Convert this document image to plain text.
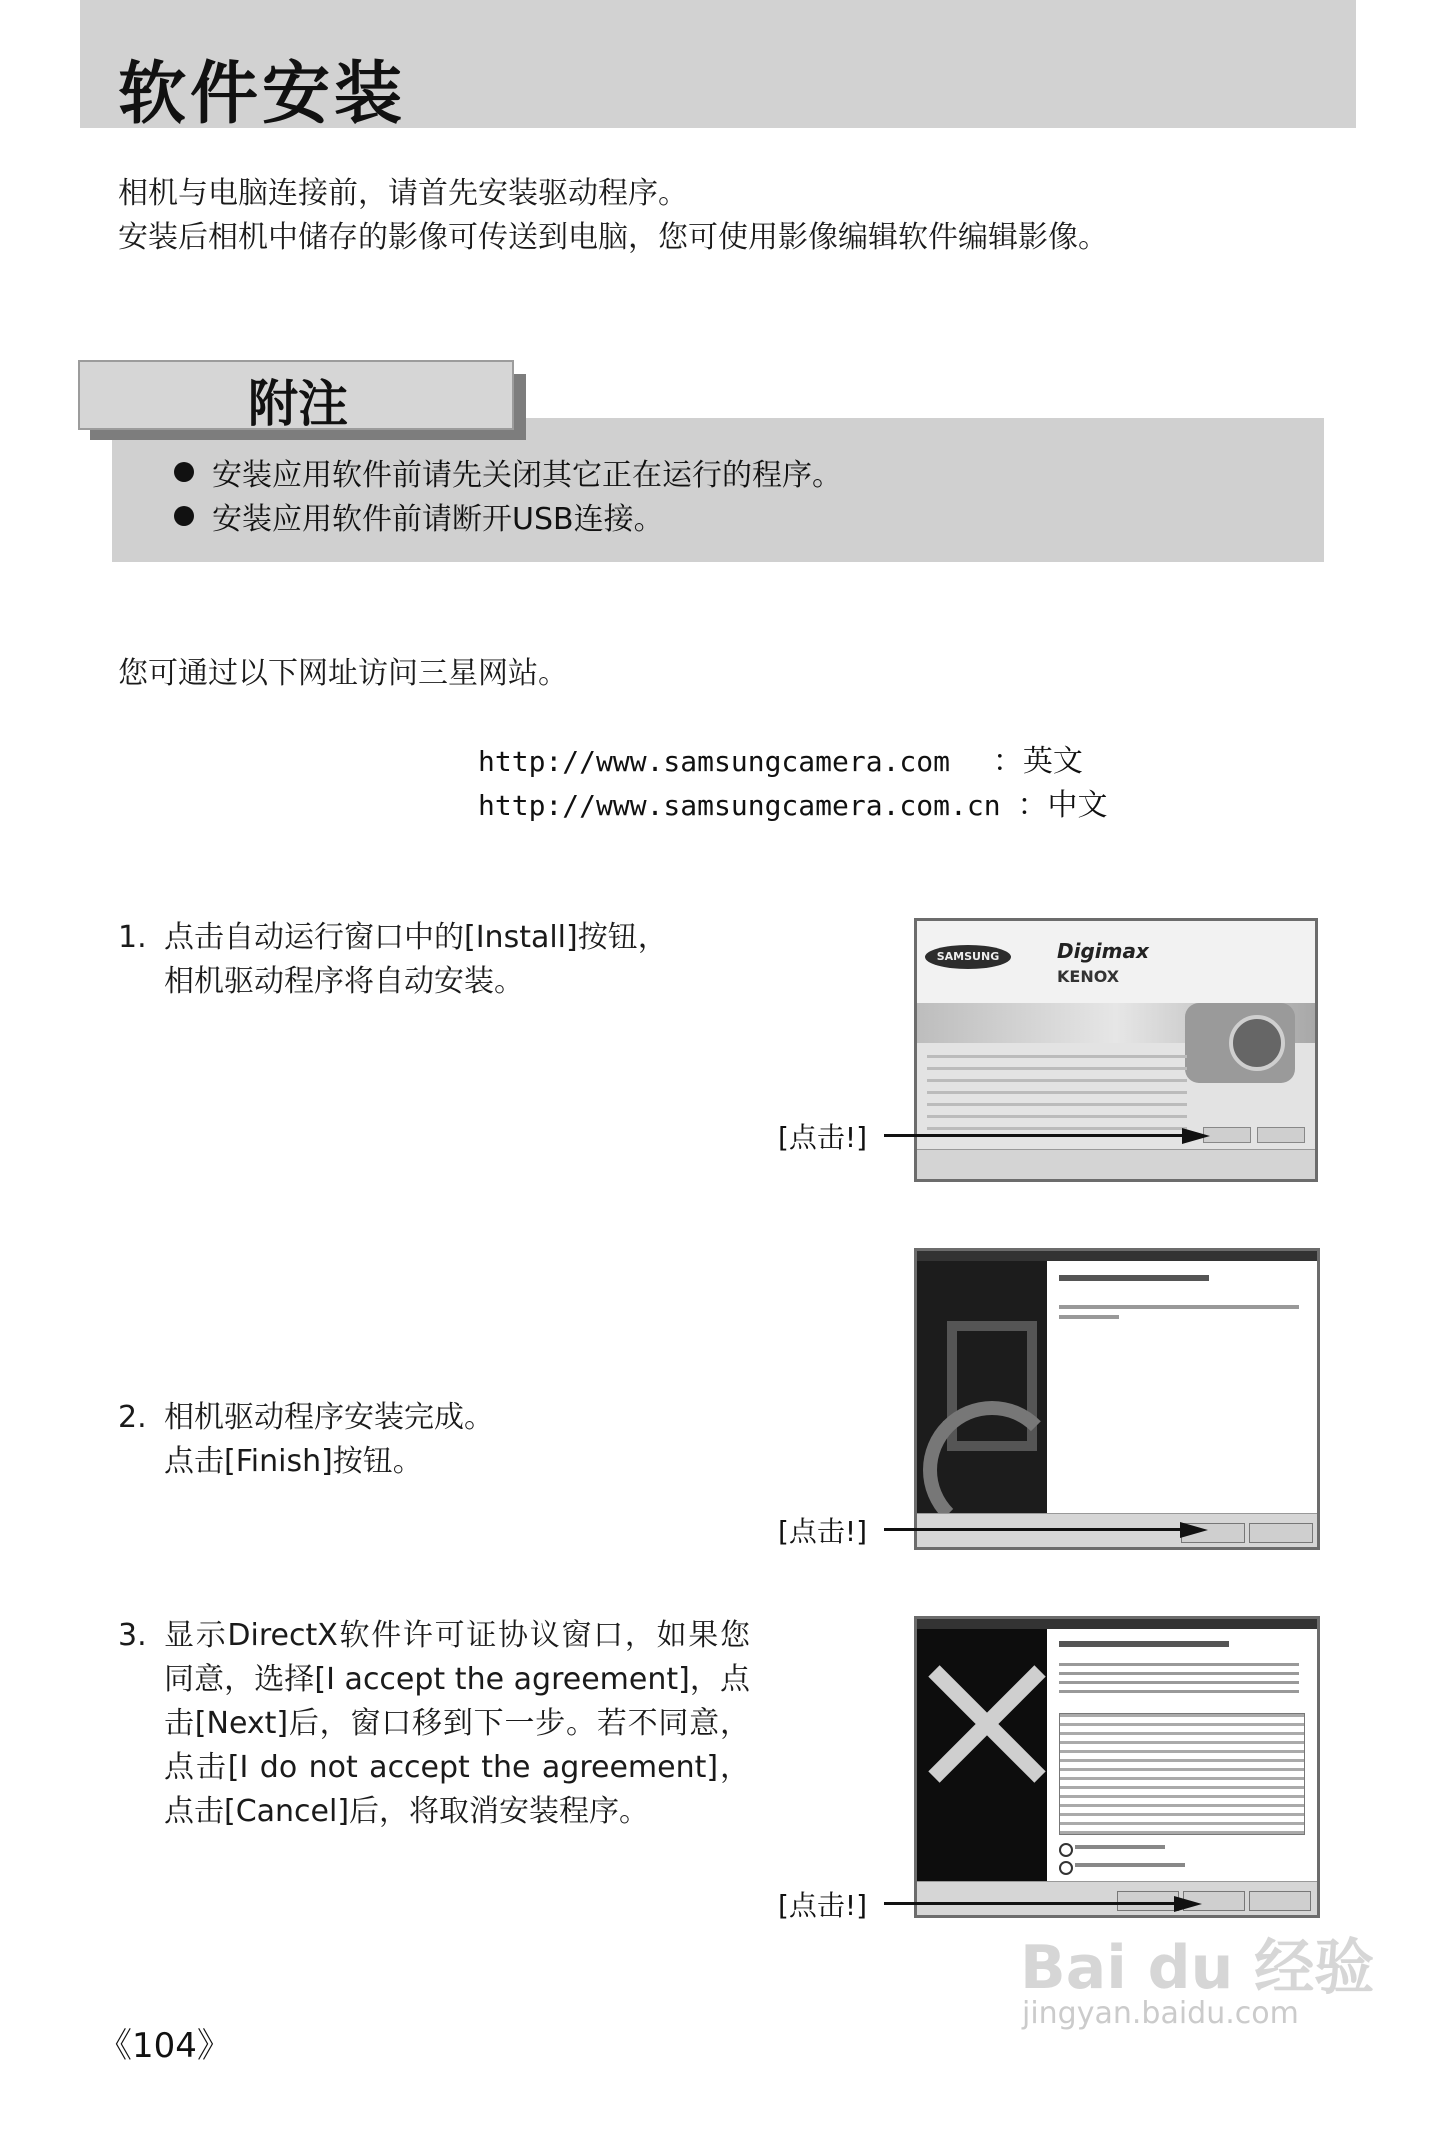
软件安装
相机与电脑连接前，请首先安装驱动程序。
安装后相机中储存的影像可传送到电脑，您可使用影像编辑软件编辑影像。
附注
安装应用软件前请先关闭其它正在运行的程序。
安装应用软件前请断开USB连接。
您可通过以下网址访问三星网站。
http://www.samsungcamera.com ：英文
http://www.samsungcamera.com.cn ：中文
1. 点击自动运行窗口中的[Install]按钮，
相机驱动程序将自动安装。
SAMSUNG	Digimax
KENOX
[点击!]
2. 相机驱动程序安装完成。
点击[Finish]按钮。
[点击!]
3. 显示DirectX软件许可证协议窗口，如果您同意，选择[I accept the agreement]，点击[Next]后，窗口移到下一步。若不同意，点击[I do not accept the agreement]，点击[Cancel]后，将取消安装程序。
[点击!]
《104》
Bai du 经验
jingyan.baidu.com
